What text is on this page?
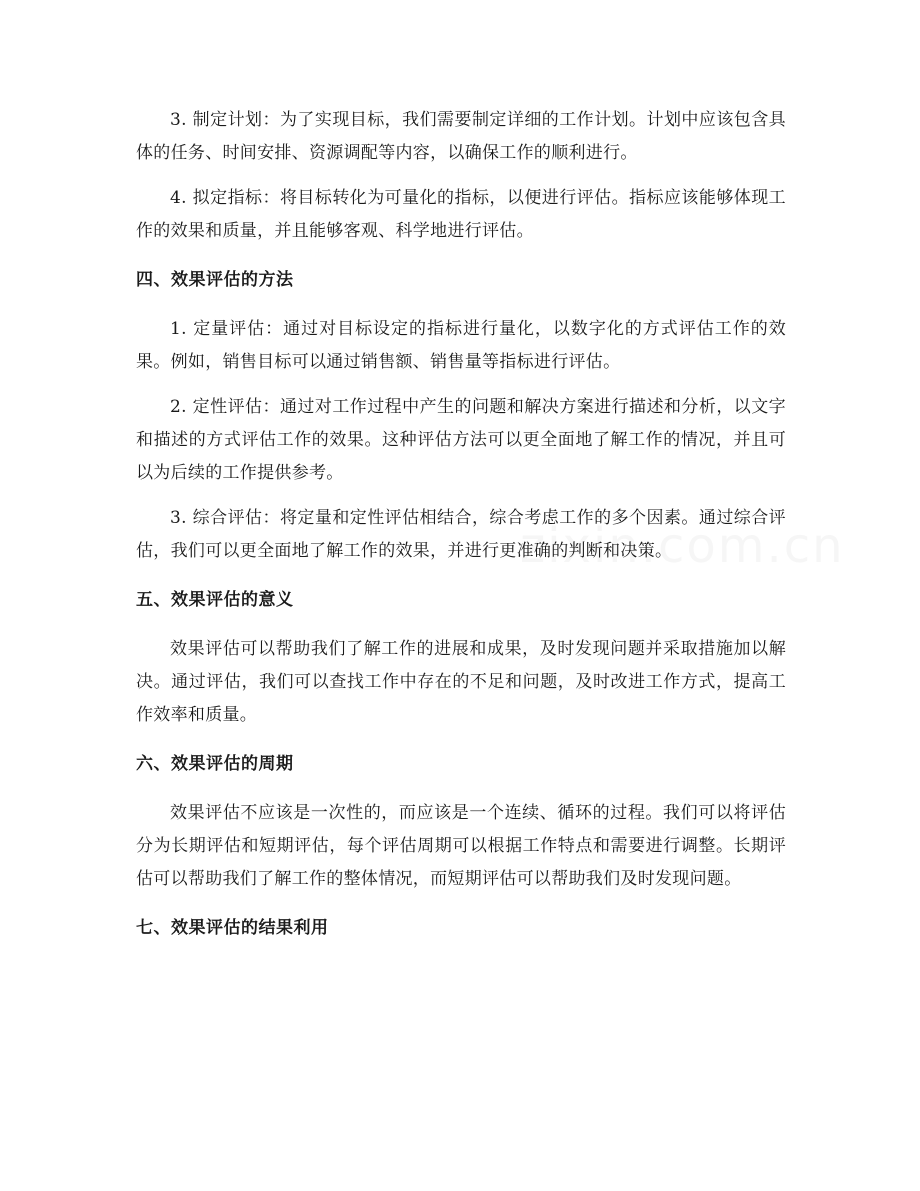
zixin.com.cn

3. 制定计划：为了实现目标，我们需要制定详细的工作计划。计划中应该包含具体的任务、时间安排、资源调配等内容，以确保工作的顺利进行。

4. 拟定指标：将目标转化为可量化的指标，以便进行评估。指标应该能够体现工作的效果和质量，并且能够客观、科学地进行评估。

四、效果评估的方法

1. 定量评估：通过对目标设定的指标进行量化，以数字化的方式评估工作的效果。例如，销售目标可以通过销售额、销售量等指标进行评估。

2. 定性评估：通过对工作过程中产生的问题和解决方案进行描述和分析，以文字和描述的方式评估工作的效果。这种评估方法可以更全面地了解工作的情况，并且可以为后续的工作提供参考。

3. 综合评估：将定量和定性评估相结合，综合考虑工作的多个因素。通过综合评估，我们可以更全面地了解工作的效果，并进行更准确的判断和决策。

五、效果评估的意义

效果评估可以帮助我们了解工作的进展和成果，及时发现问题并采取措施加以解决。通过评估，我们可以查找工作中存在的不足和问题，及时改进工作方式，提高工作效率和质量。

六、效果评估的周期

效果评估不应该是一次性的，而应该是一个连续、循环的过程。我们可以将评估分为长期评估和短期评估，每个评估周期可以根据工作特点和需要进行调整。长期评估可以帮助我们了解工作的整体情况，而短期评估可以帮助我们及时发现问题。

七、效果评估的结果利用
